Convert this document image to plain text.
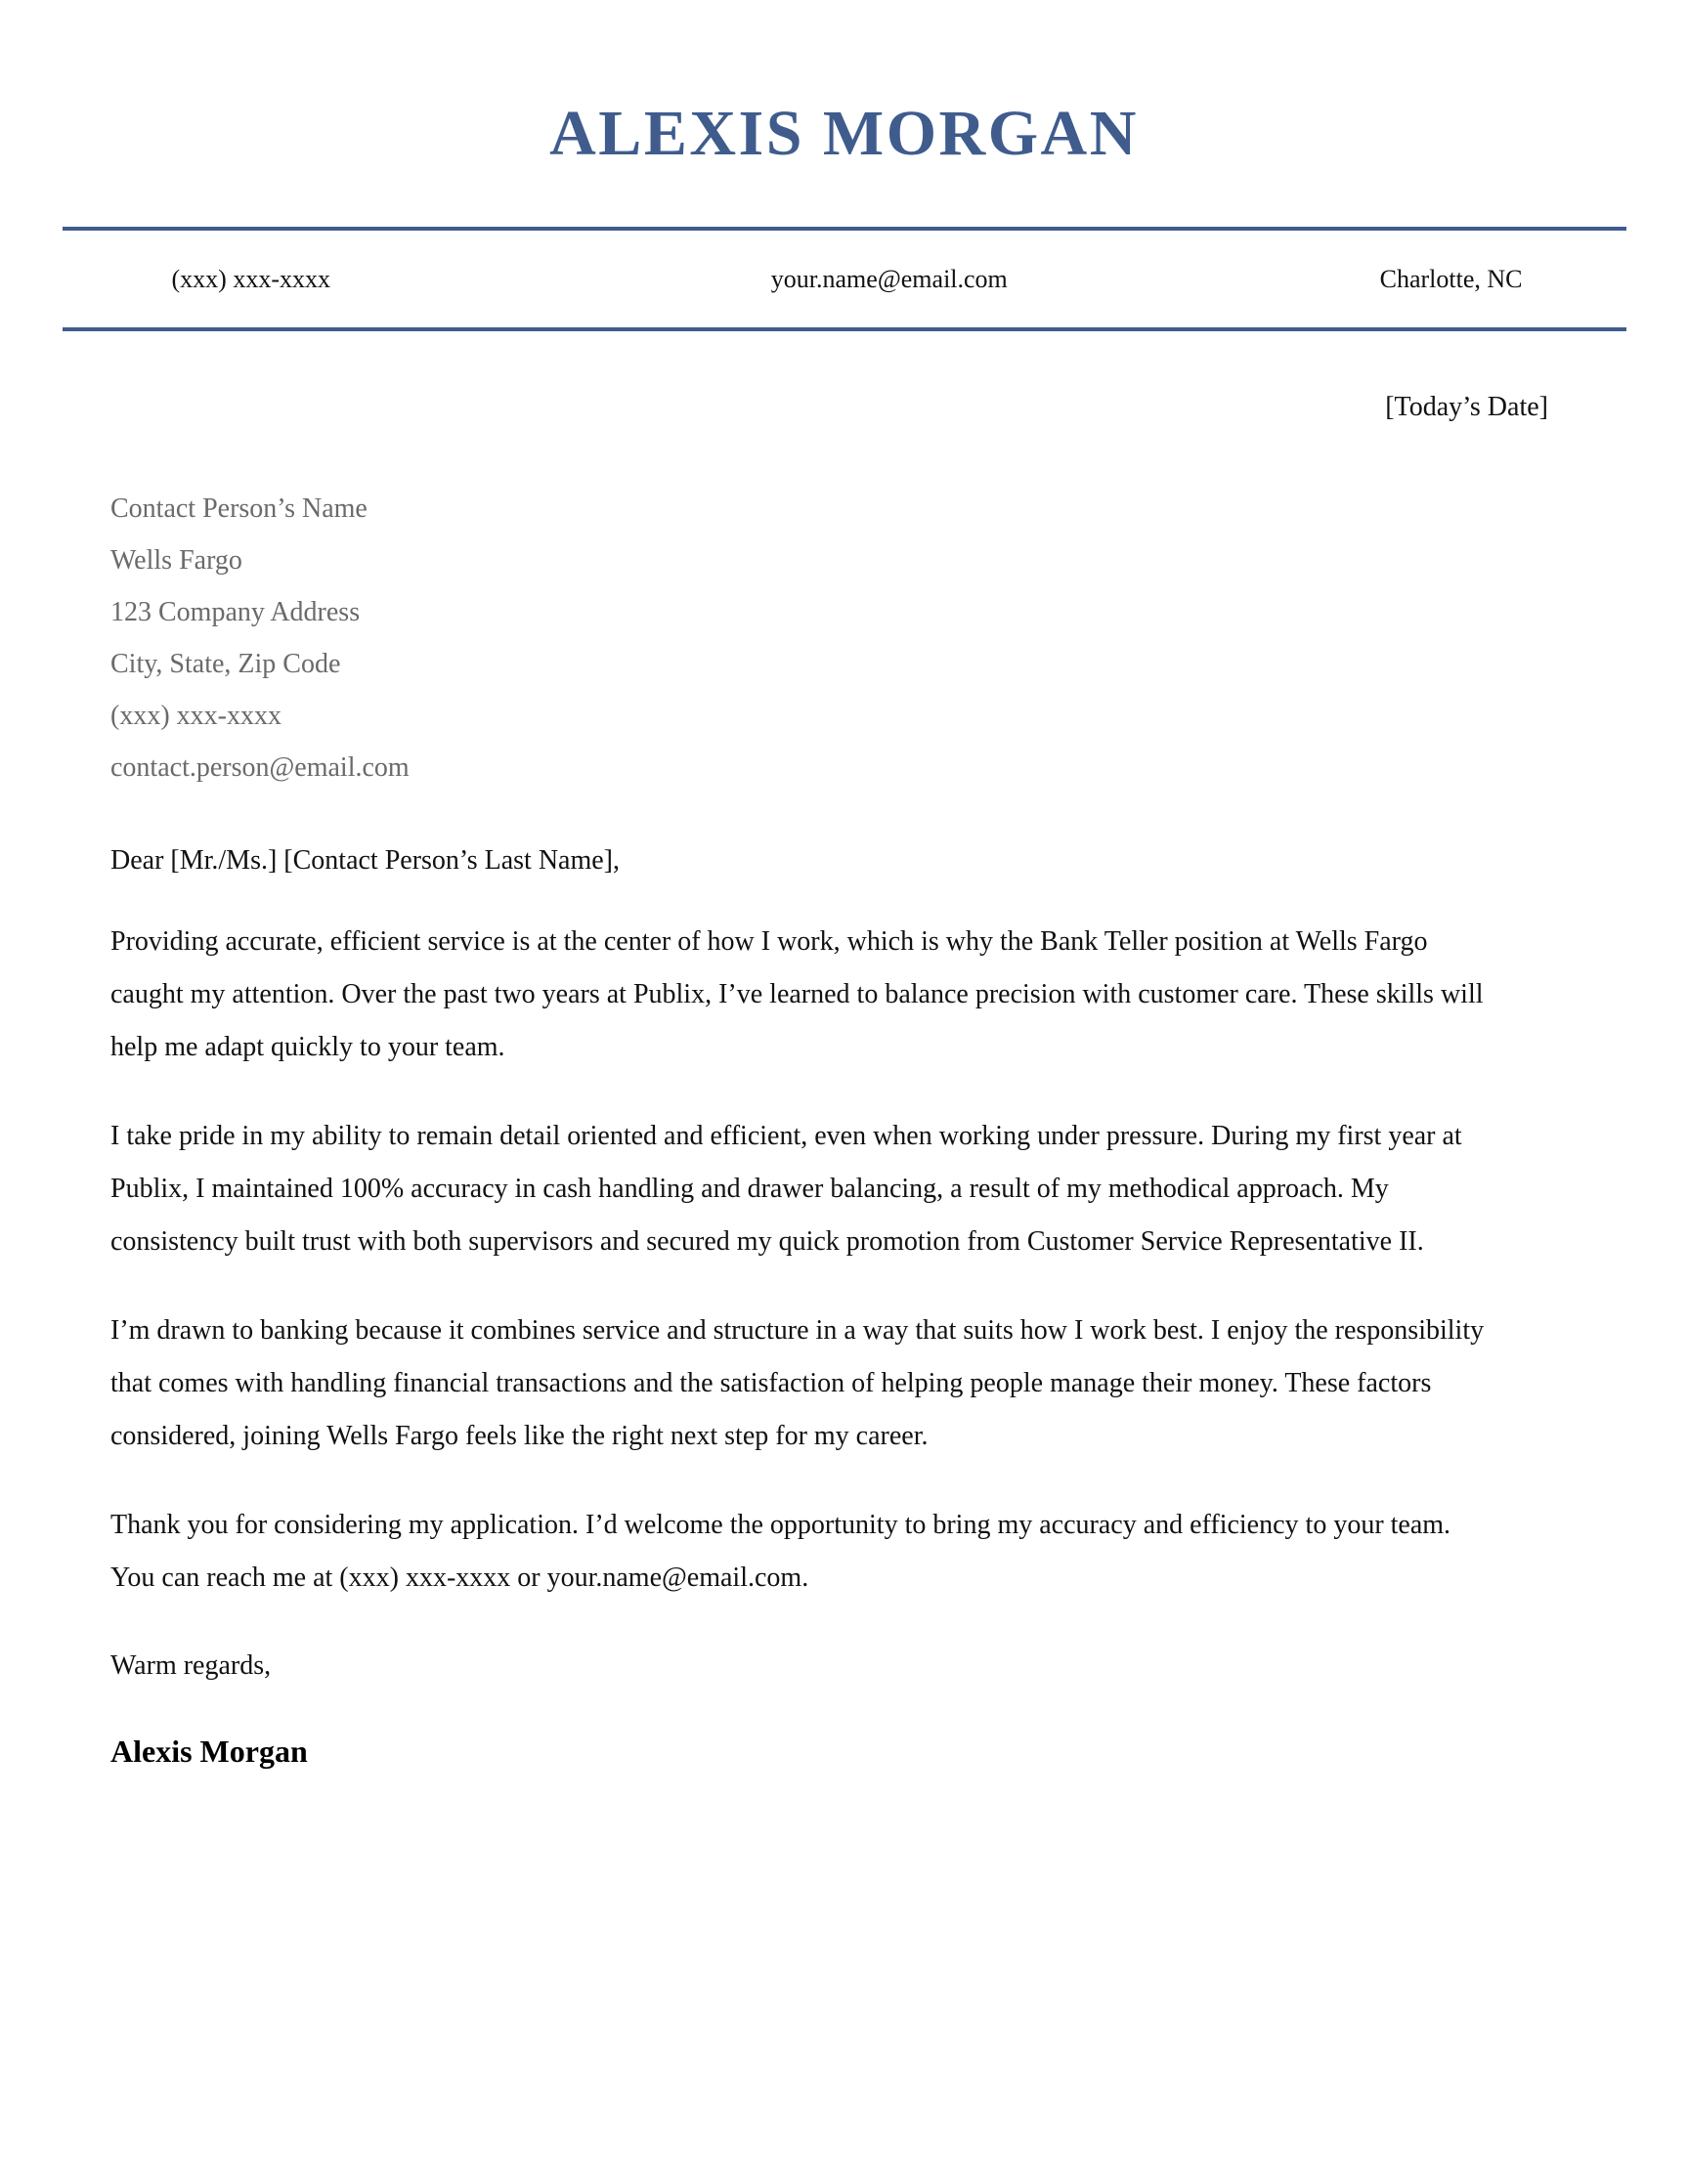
ALEXIS MORGAN
(xxx) xxx-xxxx	your.name@email.com	Charlotte, NC
[Today’s Date]
Contact Person’s Name
Wells Fargo
123 Company Address
City, State, Zip Code
(xxx) xxx-xxxx
contact.person@email.com
Dear [Mr./Ms.] [Contact Person’s Last Name],

Providing accurate, efficient service is at the center of how I work, which is why the Bank Teller position at Wells Fargo caught my attention. Over the past two years at Publix, I’ve learned to balance precision with customer care. These skills will help me adapt quickly to your team.

I take pride in my ability to remain detail oriented and efficient, even when working under pressure. During my first year at Publix, I maintained 100% accuracy in cash handling and drawer balancing, a result of my methodical approach. My consistency built trust with both supervisors and secured my quick promotion from Customer Service Representative II.

I’m drawn to banking because it combines service and structure in a way that suits how I work best. I enjoy the responsibility that comes with handling financial transactions and the satisfaction of helping people manage their money. These factors considered, joining Wells Fargo feels like the right next step for my career.

Thank you for considering my application. I’d welcome the opportunity to bring my accuracy and efficiency to your team. You can reach me at (xxx) xxx-xxxx or your.name@email.com.

Warm regards,
Alexis Morgan
